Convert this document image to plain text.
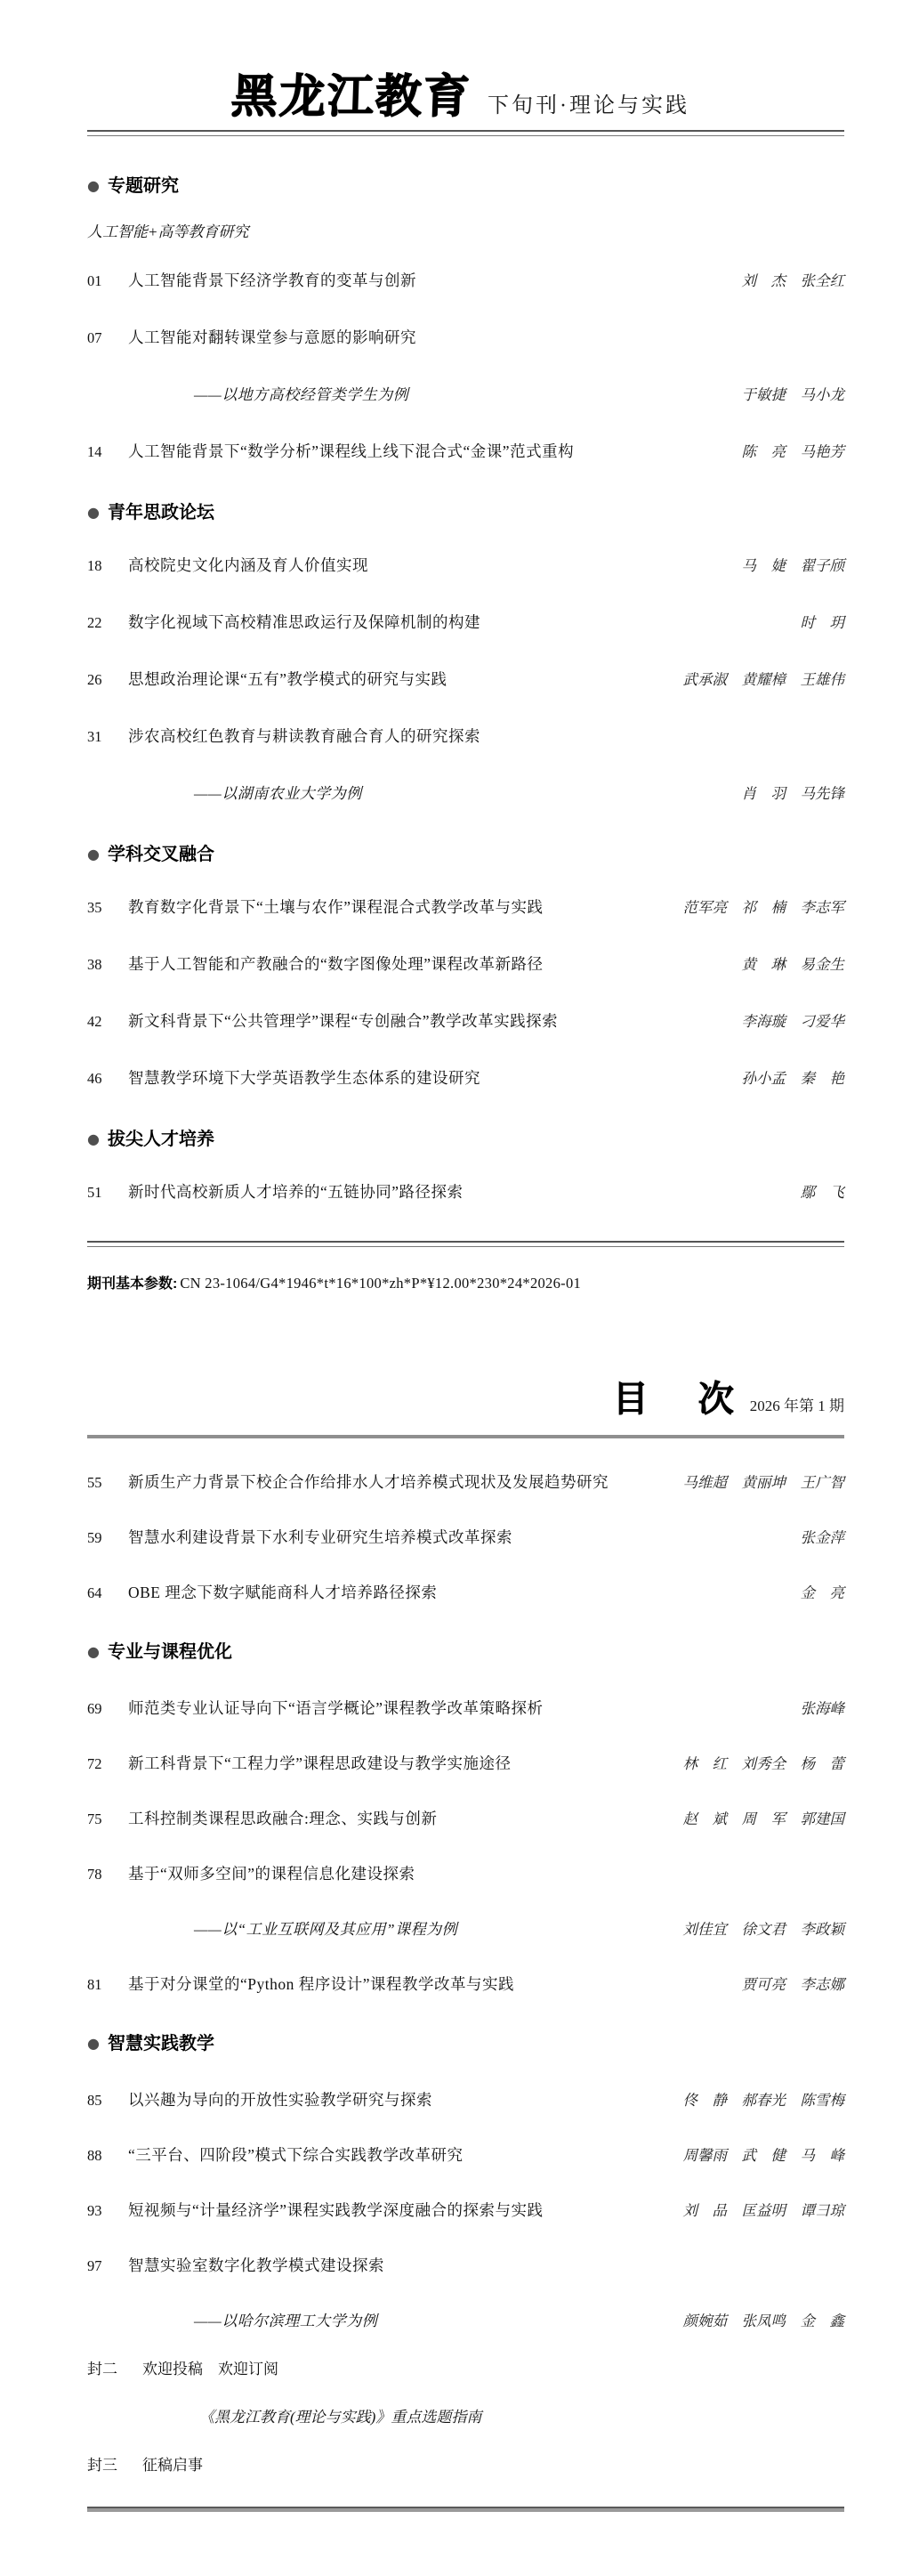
黑龙江教育 下旬刊·理论与实践
● 专题研究
人工智能+高等教育研究
01	人工智能背景下经济学教育的变革与创新	刘　杰　张全红
07	人工智能对翻转课堂参与意愿的影响研究
——以地方高校经管类学生为例	于敏捷　马小龙
14	人工智能背景下“数学分析”课程线上线下混合式“金课”范式重构	陈　亮　马艳芳
● 青年思政论坛
18	高校院史文化内涵及育人价值实现	马　婕　翟子颀
22	数字化视域下高校精准思政运行及保障机制的构建	时　玥
26	思想政治理论课“五有”教学模式的研究与实践	武承淑　黄耀樟　王雄伟
31	涉农高校红色教育与耕读教育融合育人的研究探索
——以湖南农业大学为例	肖　羽　马先锋
● 学科交叉融合
35	教育数字化背景下“土壤与农作”课程混合式教学改革与实践	范军亮　祁　楠　李志军
38	基于人工智能和产教融合的“数字图像处理”课程改革新路径	黄　琳　易金生
42	新文科背景下“公共管理学”课程“专创融合”教学改革实践探索	李海璇　刁爱华
46	智慧教学环境下大学英语教学生态体系的建设研究	孙小孟　秦　艳
● 拔尖人才培养
51	新时代高校新质人才培养的“五链协同”路径探索	鄢　飞
期刊基本参数: CN 23-1064/G4*1946*t*16*100*zh*P*¥12.00*230*24*2026-01
目　次 2026 年第 1 期
55	新质生产力背景下校企合作给排水人才培养模式现状及发展趋势研究	马维超　黄丽坤　王广智
59	智慧水利建设背景下水利专业研究生培养模式改革探索	张金萍
64	OBE 理念下数字赋能商科人才培养路径探索	金　亮
● 专业与课程优化
69	师范类专业认证导向下“语言学概论”课程教学改革策略探析	张海峰
72	新工科背景下“工程力学”课程思政建设与教学实施途径	林　红　刘秀全　杨　蕾
75	工科控制类课程思政融合:理念、实践与创新	赵　斌　周　军　郭建国
78	基于“双师多空间”的课程信息化建设探索
——以“工业互联网及其应用”课程为例	刘佳宜　徐文君　李政颖
81	基于对分课堂的“Python 程序设计”课程教学改革与实践	贾可亮　李志娜
● 智慧实践教学
85	以兴趣为导向的开放性实验教学研究与探索	佟　静　郝春光　陈雪梅
88	“三平台、四阶段”模式下综合实践教学改革研究	周馨雨　武　健　马　峰
93	短视频与“计量经济学”课程实践教学深度融合的探索与实践	刘　品　匡益明　谭彐琼
97	智慧实验室数字化教学模式建设探索
——以哈尔滨理工大学为例	颜婉茹　张凤鸣　金　鑫
封二	欢迎投稿　欢迎订阅
《黑龙江教育(理论与实践)》重点选题指南
封三	征稿启事
